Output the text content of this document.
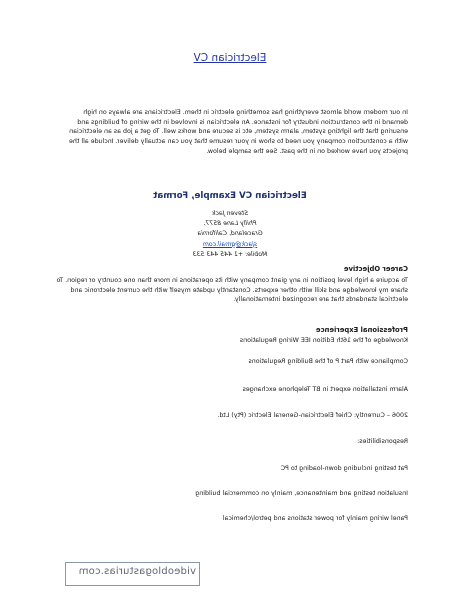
Electrician CV
In our modern world almost everything has something electric in them. Electricians are always on high demand in the construction industry for instance. An electrician is involved in the wiring of buildings and ensuring that the lighting system, alarm system, etc is secure and works well. To get a job as an electrician with a construction company you need to show in your resume that you can actually deliver. Include all the projects you have worked on in the past. See the sample below.
Electrician CV Example, Format
Steven Jack
Philly Lane 8577,
Graceland, California
sjack@gmail.com
Mobile: +1 445 443 533
Career Objective
To acquire a high level position in any giant company with its operations in more than one country or region. To share my knowledge and skill with other experts. Constantly update myself with the current electronic and electrical standards that are recognized internationally.
Professional Experience
Knowledge of the 16th Edition IEE Wiring Regulations
Compliance with Part P of the Building Regulations
Alarm installation expert in BT Telephone exchanges
2006 – Currently: Chief Electrician-General Electric (Pty) Ltd.
Responsibilities:
Pat testing including down-loading to PC
Insulation testing and maintenance, mainly on commercial building
Panel wiring mainly for power stations and petrol/chemical
videoblogasturias.com
